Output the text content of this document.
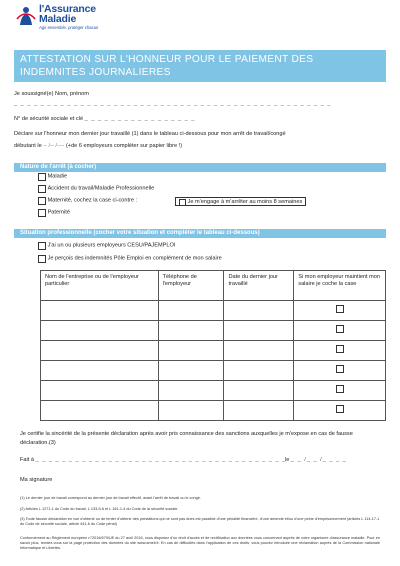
l'Assurance
Maladie
Agir ensemble, protéger chacun
ATTESTATION SUR L'HONNEUR POUR LE PAIEMENT DES
INDEMNITES JOURNALIERES
Je soussigné(e) Nom, prénom
_ _ _ _ _ _ _ _ _ _ _ _ _ _ _ _ _ _ _ _ _ _ _ _ _ _ _ _ _ _ _ _ _ _ _ _ _ _ _ _ _ _ _ _ _ _ _ _
N° de sécurité sociale et clé _ _ _ _ _ _ _ _ _ _ _ _ _ _ _ _ _
Déclare sur l'honneur mon dernier jour travaillé (1) dans le tableau ci-dessous pour mon arrêt de travail/congé
débutant le -- /-- /---- (+de 6 employeurs compléter sur papier libre !)
Nature de l'arrêt (à cocher)
Maladie
Accident du travail/Maladie Professionnelle
Maternité, cochez la case ci-contre :	Je m'engage à m'arrêter au moins 8 semaines
Paternité
Situation professionnelle (cocher votre situation et compléter le tableau ci-dessous)
J'ai un ou plusieurs employeurs CESU/PAJEMPLOI
Je perçois des indemnités Pôle Emploi en complément de mon salaire
Nom de l'entreprise ou de l'employeur particulier	Téléphone de l'employeur	Date du dernier jour travaillé	Si mon employeur maintient mon salaire je coche la case

Je certifie la sincérité de la présente déclaration après avoir pris connaissance des sanctions auxquelles je m'expose en cas de fausse déclaration.(3)
Fait à _ _ _ _ _ _ _ _ _ _ _ _ _ _ _ _ _ _ _ _ _ _ _ _ _ _ _ _ _ _ _ _ _ _ _ _ _ _
le _ _ /_ _ /_ _ _ _
Ma signature
(1) Le dernier jour de travail correspond au dernier jour de travail effectif, avant l'arrêt de travail ou le congé.
(2) Articles L 1271-1 du Code du travail, L 133-5-6 et L 161-1-4 du Code de la sécurité sociale.
(3) Toute fausse déclaration en vue d'obtenir ou de tenter d'obtenir des prestations qui ne sont pas dues est passible d'une pénalité financière, d'une amende et/ou d'une peine d'emprisonnement (articles L 114-17-1 du Code de sécurité sociale, article 441-6 du Code pénal)
Conformément au Règlement européen n°2016/679/UE du 27 avril 2016, vous disposez d'un droit d'accès et de rectification aux données vous concernant auprès de votre organisme d'assurance maladie. Pour en savoir plus, rendez-vous sur la page protection des données du site www.ameli.fr. En cas de difficultés dans l'application de ces droits, vous pouvez introduire une réclamation auprès de la Commission nationale Informatique et Libertés.
